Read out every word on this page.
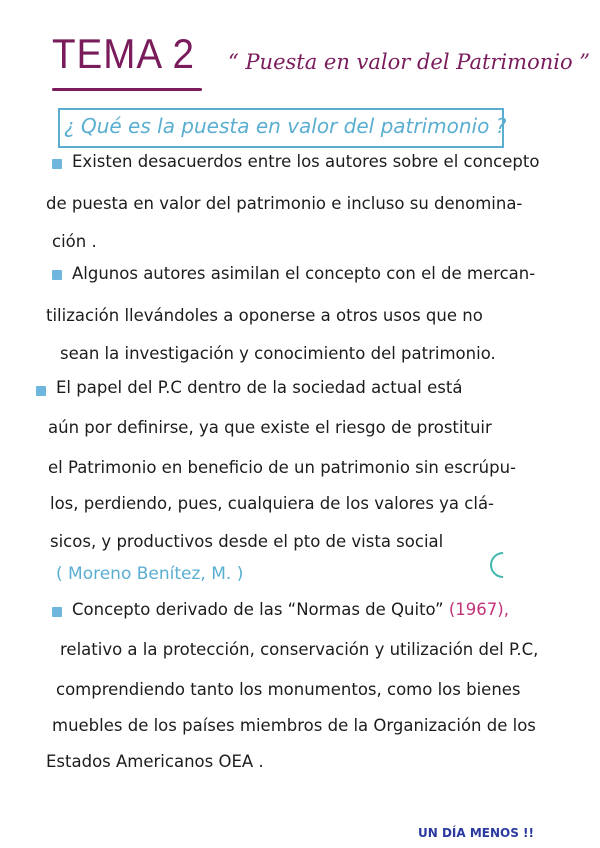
TEMA 2 “ Puesta en valor del Patrimonio ”
¿ Qué es la puesta en valor del patrimonio ?
Existen desacuerdos entre los autores sobre el concepto
de puesta en valor del patrimonio e incluso su denomina-
ción .
Algunos autores asimilan el concepto con el de mercan-
tilización llevándoles a oponerse a otros usos que no
sean la investigación y conocimiento del patrimonio.
El papel del P.C dentro de la sociedad actual está
aún por definirse, ya que existe el riesgo de prostituir
el Patrimonio en beneficio de un patrimonio sin escrúpu-
los, perdiendo, pues, cualquiera de los valores ya clá-
sicos, y productivos desde el pto de vista social
( Moreno Benítez, M. )
Concepto derivado de las “Normas de Quito” (1967),
relativo a la protección, conservación y utilización del P.C,
comprendiendo tanto los monumentos, como los bienes
muebles de los países miembros de la Organización de los
Estados Americanos OEA .
UN DÍA MENOS !!
